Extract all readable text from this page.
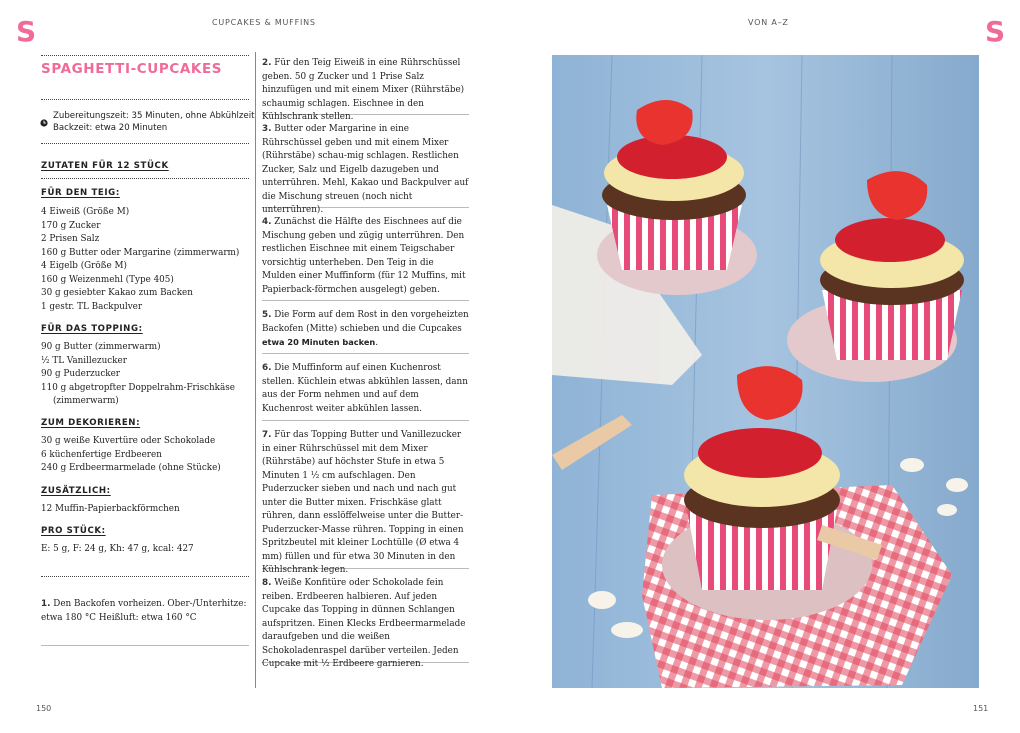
S	S
CUPCAKES & MUFFINS	VON A–Z
150	151
SPAGHETTI-CUPCAKES
Zubereitungszeit: 35 Minuten, ohne Abkühlzeit
Backzeit: etwa 20 Minuten
ZUTATEN FÜR 12 STÜCK
FÜR DEN TEIG:
4 Eiweiß (Größe M)
170 g Zucker
2 Prisen Salz
160 g Butter oder Margarine (zimmerwarm)
4 Eigelb (Größe M)
160 g Weizenmehl (Type 405)
30 g gesiebter Kakao zum Backen
1 gestr. TL Backpulver
FÜR DAS TOPPING:
90 g Butter (zimmerwarm)
½ TL Vanillezucker
90 g Puderzucker
110 g abgetropfter Doppelrahm-Frischkäse (zimmerwarm)
ZUM DEKORIEREN:
30 g weiße Kuvertüre oder Schokolade
6 küchenfertige Erdbeeren
240 g Erdbeermarmelade (ohne Stücke)
ZUSÄTZLICH:
12 Muffin-Papierbackförmchen
PRO STÜCK:
E: 5 g, F: 24 g, Kh: 47 g, kcal: 427
1. Den Backofen vorheizen. Ober-/Unterhitze: etwa 180 °C Heißluft: etwa 160 °C
2. Für den Teig Eiweiß in eine Rührschüssel geben. 50 g Zucker und 1 Prise Salz hinzufügen und mit einem Mixer (Rührstäbe) schaumig schlagen. Eischnee in den Kühlschrank stellen.
3. Butter oder Margarine in eine Rührschüssel geben und mit einem Mixer (Rührstäbe) schau-mig schlagen. Restlichen Zucker, Salz und Eigelb dazugeben und unterrühren. Mehl, Kakao und Backpulver auf die Mischung streuen (noch nicht unterrühren).
4. Zunächst die Hälfte des Eischnees auf die Mischung geben und zügig unterrühren. Den restlichen Eischnee mit einem Teigschaber vorsichtig unterheben. Den Teig in die Mulden einer Muffinform (für 12 Muffins, mit Papierback-förmchen ausgelegt) geben.
5. Die Form auf dem Rost in den vorgeheizten Backofen (Mitte) schieben und die Cupcakes etwa 20 Minuten backen.
6. Die Muffinform auf einen Kuchenrost stellen. Küchlein etwas abkühlen lassen, dann aus der Form nehmen und auf dem Kuchenrost weiter abkühlen lassen.
7. Für das Topping Butter und Vanillezucker in einer Rührschüssel mit dem Mixer (Rührstäbe) auf höchster Stufe in etwa 5 Minuten 1 ½ cm aufschlagen. Den Puderzucker sieben und nach und nach gut unter die Butter mixen. Frischkäse glatt rühren, dann esslöffelweise unter die Butter-Puderzucker-Masse rühren. Topping in einen Spritzbeutel mit kleiner Lochtülle (Ø etwa 4 mm) füllen und für etwa 30 Minuten in den Kühlschrank legen.
8. Weiße Konfitüre oder Schokolade fein reiben. Erdbeeren halbieren. Auf jeden Cupcake das Topping in dünnen Schlangen aufspritzen. Einen Klecks Erdbeermarmelade daraufgeben und die weißen Schokoladenraspel darüber verteilen. Jeden Cupcake mit ½ Erdbeere garnieren.
